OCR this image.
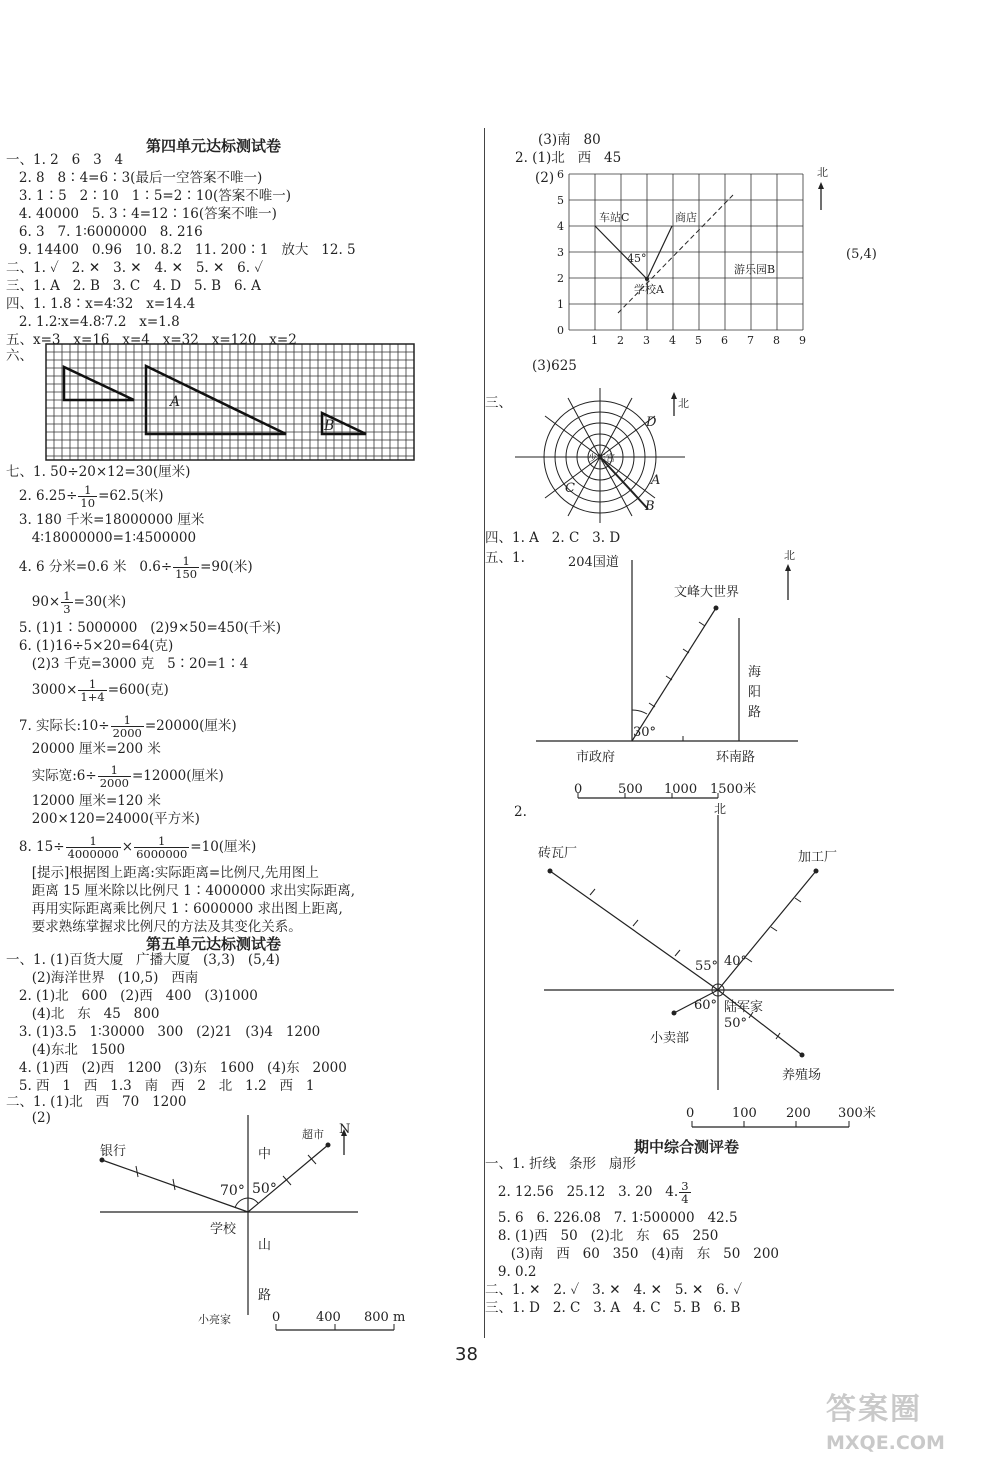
第四单元达标测试卷
一、1. 2   6   3   4
2. 8   8∶4=6∶3(最后一空答案不唯一)
3. 1∶5   2∶10   1∶5=2∶10(答案不唯一)
4. 40000   5. 3∶4=12∶16(答案不唯一)
6. 3   7. 1∶6000000   8. 216
9. 14400   0.96   10. 8.2   11. 200∶1   放大   12. 5
二、1. ✓   2. ✕   3. ✕   4. ✕   5. ✕   6. ✓
三、1. A   2. B   3. C   4. D   5. B   6. A
四、1. 1.8∶x=4∶32   x=14.4
2. 1.2∶x=4.8∶7.2   x=1.8
五、x=3   x=16   x=4   x=32   x=120   x=2
六、
A
B
七、1. 50÷20×12=30(厘米)
2. $6.25\div \frac{1}{10} =62.5$(米)
3. 180 千米=18000000 厘米
4∶18000000=1∶4500000
4. 6 分米=0.6 米   $0.6\div \frac{1}{150} =90$(米)
$90\times \frac{1}{3} =30$(米)
5. (1)1∶5000000   (2)9×50=450(千米)
6. (1)16÷5×20=64(克)
(2)3 千克=3000 克   5∶20=1∶4
$3000\times \frac{1}{1+4} =600$(克)
7. 实际长:10÷ $\frac{1}{2000} =20000$(厘米)
20000 厘米=200 米
实际宽:6÷ $\frac{1}{2000} =12000$(厘米)
12000 厘米=120 米
200×120=24000(平方米)
8. $15\div \frac{1}{4000000} \times \frac{1}{6000000} =10$(厘米)
[提示]根据图上距离:实际距离=比例尺,先用图上
距离 15 厘米除以比例尺 1∶4000000 求出实际距离,
再用实际距离乘比例尺 1∶6000000 求出图上距离,
要求熟练掌握求比例尺的方法及其变化关系。
第五单元达标测试卷
一、1. (1)百货大厦   广播大厦   (3,3)   (5,4)
(2)海洋世界   (10,5)   西南
2. (1)北   600   (2)西   400   (3)1000
(4)北   东   45   800
3. (1)3.5   1∶30000   300   (2)21   (3)4   1200
(4)东北   1500
4. (1)西   (2)西   1200   (3)东   1600   (4)东   2000
5. 西   1   西   1.3   南   西   2   北   1.2   西   1
二、1. (1)北   西   70   1200
(2)
银行
超市 N
70° 50°
学校
小亮家
中
山
路
0	400 800 m
(3)南   80
2. (1)北   西   45
(2)
车站C	商店
游乐园B
学校A
45°
北
(5,4)
1 2 3 4 5 6 7 8 9
6
5
4
3
2
1
0
(3)625
三、	北
D
A
B
C
少年宫
四、1. A   2. C   3. D
五、1.	204国道
文峰大世界
海
阳
路
市政府	环南路
30°
北
0	500 1000 1500米
2.	北
砖瓦厂	加工厂
陆军家
小卖部
养殖场
55° 40°
60°
50°
0	100 200 300米
期中综合测评卷
一、1. 折线   条形   扇形
2. 12.56   25.12   3. 20   4. $\frac{3}{4}$
5. 6   6. 226.08   7. 1∶500000   42.5
8. (1)西   50   (2)北   东   65   250
(3)南   西   60   350   (4)南   东   50   200
9. 0.2
二、1. ✕   2. ✓   3. ✕   4. ✕   5. ✕   6. ✓
三、1. D   2. C   3. A   4. C   5. B   6. B
38
答案圈
MXQE.COM
